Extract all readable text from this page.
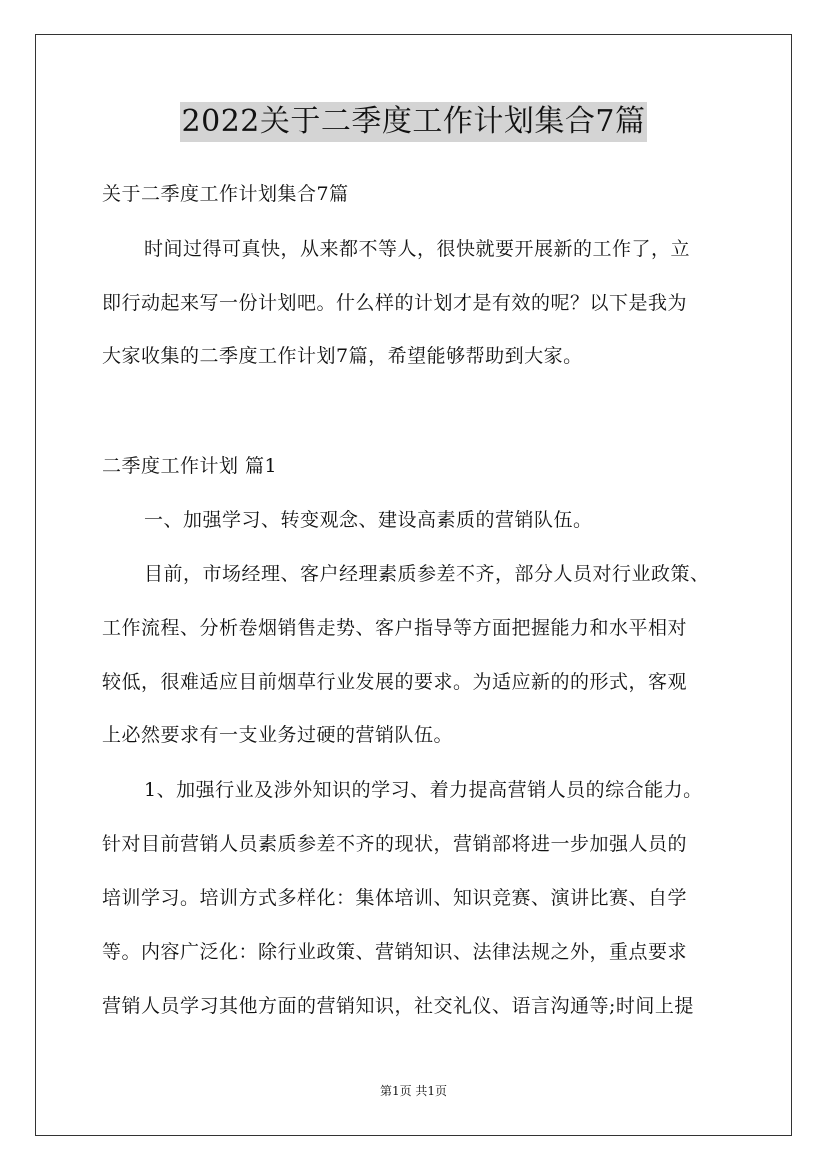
2022关于二季度工作计划集合7篇
关于二季度工作计划集合7篇
时间过得可真快，从来都不等人，很快就要开展新的工作了，立
即行动起来写一份计划吧。什么样的计划才是有效的呢？以下是我为
大家收集的二季度工作计划7篇，希望能够帮助到大家。
二季度工作计划 篇1
一、加强学习、转变观念、建设高素质的营销队伍。
目前，市场经理、客户经理素质参差不齐，部分人员对行业政策、
工作流程、分析卷烟销售走势、客户指导等方面把握能力和水平相对
较低，很难适应目前烟草行业发展的要求。为适应新的的形式，客观
上必然要求有一支业务过硬的营销队伍。
1、加强行业及涉外知识的学习、着力提高营销人员的综合能力。
针对目前营销人员素质参差不齐的现状，营销部将进一步加强人员的
培训学习。培训方式多样化：集体培训、知识竞赛、演讲比赛、自学
等。内容广泛化：除行业政策、营销知识、法律法规之外，重点要求
营销人员学习其他方面的营销知识，社交礼仪、语言沟通等;时间上提
第1页 共1页
